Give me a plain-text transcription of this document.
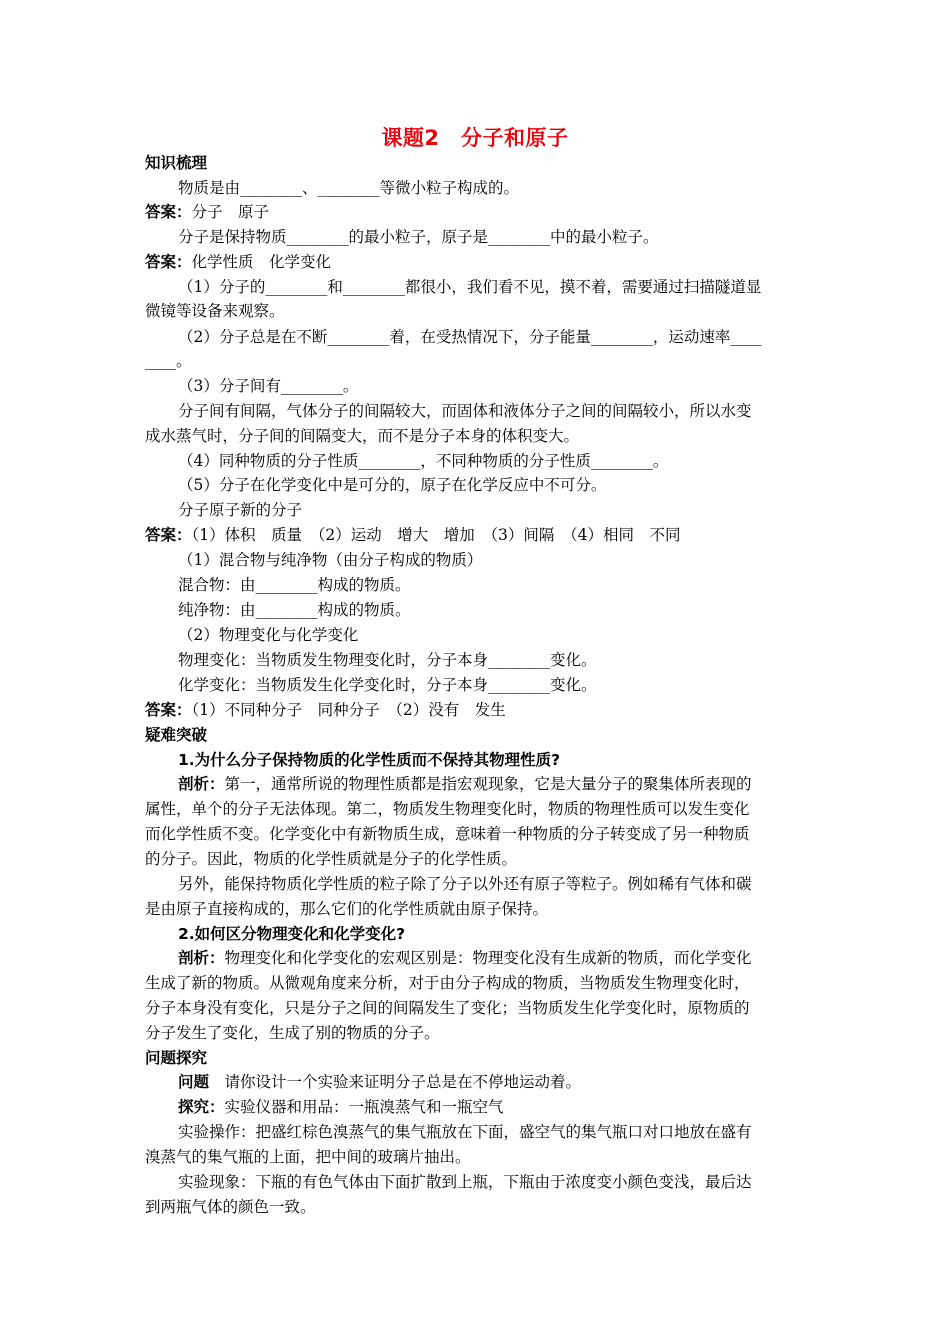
课题2　分子和原子
知识梳理
物质是由________、________等微小粒子构成的。
答案：分子　原子
分子是保持物质________的最小粒子，原子是________中的最小粒子。
答案：化学性质　化学变化
（1）分子的________和________都很小，我们看不见，摸不着，需要通过扫描隧道显
微镜等设备来观察。
（2）分子总是在不断________着，在受热情况下，分子能量________，运动速率____
____。
（3）分子间有________。
分子间有间隔，气体分子的间隔较大，而固体和液体分子之间的间隔较小，所以水变
成水蒸气时，分子间的间隔变大，而不是分子本身的体积变大。
（4）同种物质的分子性质________，不同种物质的分子性质________。
（5）分子在化学变化中是可分的，原子在化学反应中不可分。
分子原子新的分子
答案：（1）体积　质量　（2）运动　增大　增加　（3）间隔　（4）相同　不同
（1）混合物与纯净物（由分子构成的物质）
混合物：由________构成的物质。
纯净物：由________构成的物质。
（2）物理变化与化学变化
物理变化：当物质发生物理变化时，分子本身________变化。
化学变化：当物质发生化学变化时，分子本身________变化。
答案：（1）不同种分子　同种分子　（2）没有　发生
疑难突破
1.为什么分子保持物质的化学性质而不保持其物理性质?
剖析：第一，通常所说的物理性质都是指宏观现象，它是大量分子的聚集体所表现的
属性，单个的分子无法体现。第二，物质发生物理变化时，物质的物理性质可以发生变化
而化学性质不变。化学变化中有新物质生成，意味着一种物质的分子转变成了另一种物质
的分子。因此，物质的化学性质就是分子的化学性质。
另外，能保持物质化学性质的粒子除了分子以外还有原子等粒子。例如稀有气体和碳
是由原子直接构成的，那么它们的化学性质就由原子保持。
2.如何区分物理变化和化学变化?
剖析：物理变化和化学变化的宏观区别是：物理变化没有生成新的物质，而化学变化
生成了新的物质。从微观角度来分析，对于由分子构成的物质，当物质发生物理变化时，
分子本身没有变化，只是分子之间的间隔发生了变化；当物质发生化学变化时，原物质的
分子发生了变化，生成了别的物质的分子。
问题探究
问题　 请你设计一个实验来证明分子总是在不停地运动着。
探究：实验仪器和用品：一瓶溴蒸气和一瓶空气
实验操作：把盛红棕色溴蒸气的集气瓶放在下面，盛空气的集气瓶口对口地放在盛有
溴蒸气的集气瓶的上面，把中间的玻璃片抽出。
实验现象：下瓶的有色气体由下面扩散到上瓶，下瓶由于浓度变小颜色变浅，最后达
到两瓶气体的颜色一致。
